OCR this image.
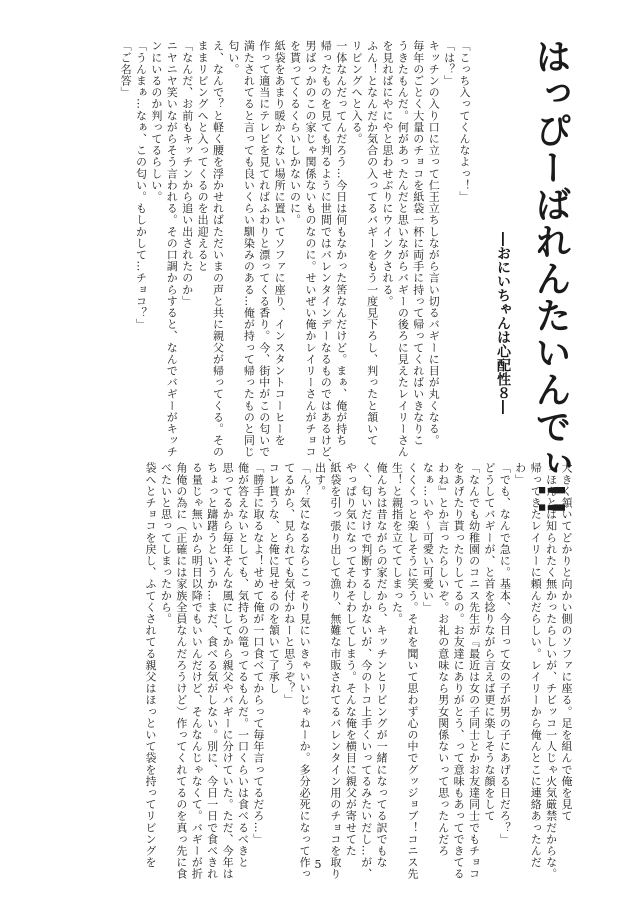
はっぴーばれんたいんでぃ!!
―おにいちゃんは心配性８―

「こっち入ってくんなよっ！」

「は？」

キッチンの入り口に立って仁王立ちしながら言い切るバギーに目が丸くなる。

毎年のごとく大量のチョコを紙袋一杯に両手に持って帰ってくればいきなりこ

うきたもんだ。何があったんだと思いながらバギーの後ろに見えたレイリーさん

を見ればにやにやと思わせぶりにウインクされる。

ふん！となんだか気合の入ってるバギーをもう一度見下ろし、判ったと頷いて

リビングへと入る。

一体なんだってんだろう…今日は何もなかった筈なんだけど。まぁ、俺が持ち

帰ったものを見ても判るように世間ではバレンタインデーなるものではあるけど、

男ばっかのこの家じゃ関係ないものなのに。せいぜい俺かレイリーさんがチョコ

を貰ってくるくらいしかないのに。

紙袋をあまり暖かくない場所に置いてソファに座り、インスタントコーヒーを

作って適当にテレビを見てればふわりと漂ってくる香り。今、街中がこの匂いで

満たされてると言っても良いくらい馴染みのある…俺が持って帰ったものと同じ

匂い。

え、なんで？と軽く腰を浮かせればただいまの声と共に親父が帰ってくる。その

ままリビングへと入ってくるのを出迎えると

「なんだ、お前もキッチンから追い出されたのか」

ニヤニヤ笑いながらそう言われる。その口調からすると、なんでバギーがキッチ

ンにいるのか判ってるらしい。

「うんまぁ…なぁ、この匂い。もしかして…チョコ？」

「ご名答」

大きく頷いてどかりと向かい側のソファに座る。足を組んで俺を見て

「ほんとは知られたく無かったらしいが、チビッコ一人じゃ火気厳禁だからな。

帰ってきたレイリーに頼んだらしい。レイリーから俺んとこに連絡あったんだ

わ」

「でも、なんで急に。基本、今日って女の子が男の子にあげる日だろ？」

どうしてバギーが、と首を捻りながら言えば更に楽しそうな顔をして

「なんでも幼稚園のコニス先生が『最近は女の子同士とかお友達同士でもチョコ

をあげたり貰ったりしてるの。お友達にありがとう、って意味もあってできてる

わね』とか言ったらしいぞ。お礼の意味なら男女関係ないって思ったんだろ

なぁ…いや～可愛い可愛い」

くくくっと楽しそうに笑う。それを聞いて思わず心の中でグッジョブ！コニス先

生！と親指を立ててしまった。

俺んちは昔ながらの家だから、キッチンとリビングが一緒になってる訳でもな

く、匂いだけで判断するしかないが、今のトコ上手くいってるみたいだし…が、

やっぱり気になってそわそわしてしまう。そんな俺を横目に親父が寄せてた

紙袋を引っ張り出して漁り、無難な市販されてるバレンタイン用のチョコを取り

出す。

「ん？気になるならこっそり見にいきゃいいじゃねーか。多分必死になって作っ

てるから、見られても気付かねーと思うぞ？」

コレ貰うな、と俺に見せるのを頷いて了承し

「勝手に取るなよ！せめて俺が一口食べてからって毎年言ってるだろ…」

俺が答えないとしても、気持ちの篭ってるもんだ。一口くらいは食べるべきと

思ってるから毎年そんな風にしてから親父やバギーに分けていた。ただ、今年は

ちょっと躊躇うというか…まだ、食べる気がしない。別に、今日一日で食べきれ

る量じゃ無いから明日以降でもいいんだけど、そんなんじゃなくて。バギーが折

角俺の為に（正確には家族全員なんだろうけど）作ってくれてるのを真っ先に食

べたいと思ってしまったから。

袋へとチョコを戻し、ふてくされてる親父はほっといて袋を持ってリビングを	5
